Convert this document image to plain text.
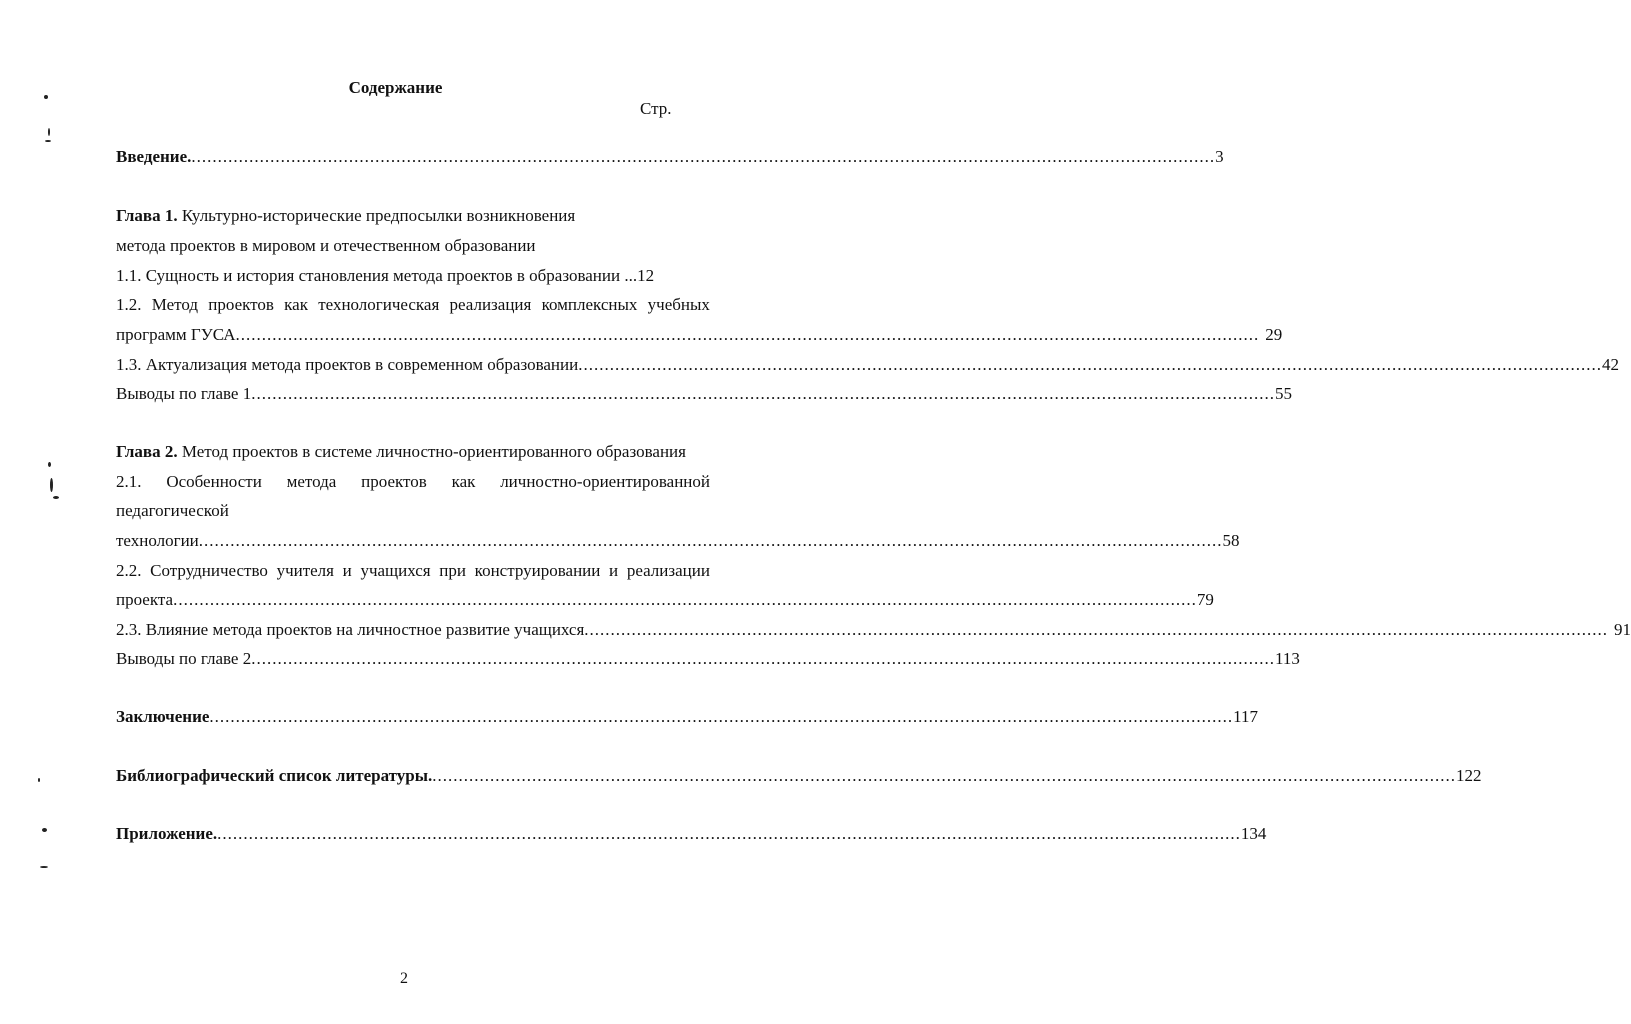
Содержание
Стр.
Введение. ................................................................................................................................................................................................... 3
Глава 1. Культурно-исторические предпосылки возникновения
метода проектов в мировом и отечественном образовании
1.1. Сущность и история становления метода проектов в образовании ... 12
1.2. Метод проектов как технологическая реализация комплексных учебных
программ ГУСА ................................................................................................................................................................................................... 29
1.3. Актуализация метода проектов в современном образовании ................................................................................................................................................................................................... 42
Выводы по главе 1 ................................................................................................................................................................................................... 55
Глава 2. Метод проектов в системе личностно-ориентированного образования
2.1. Особенности метода проектов как личностно-ориентированной
педагогической
технологии ................................................................................................................................................................................................... 58
2.2. Сотрудничество учителя и учащихся при конструировании и реализации
проекта ................................................................................................................................................................................................... 79
2.3. Влияние метода проектов на личностное развитие учащихся ................................................................................................................................................................................................... 91
Выводы по главе 2 ................................................................................................................................................................................................... 113
Заключение ................................................................................................................................................................................................... 117
Библиографический список литературы. ................................................................................................................................................................................................... 122
Приложение. ................................................................................................................................................................................................... 134
2
